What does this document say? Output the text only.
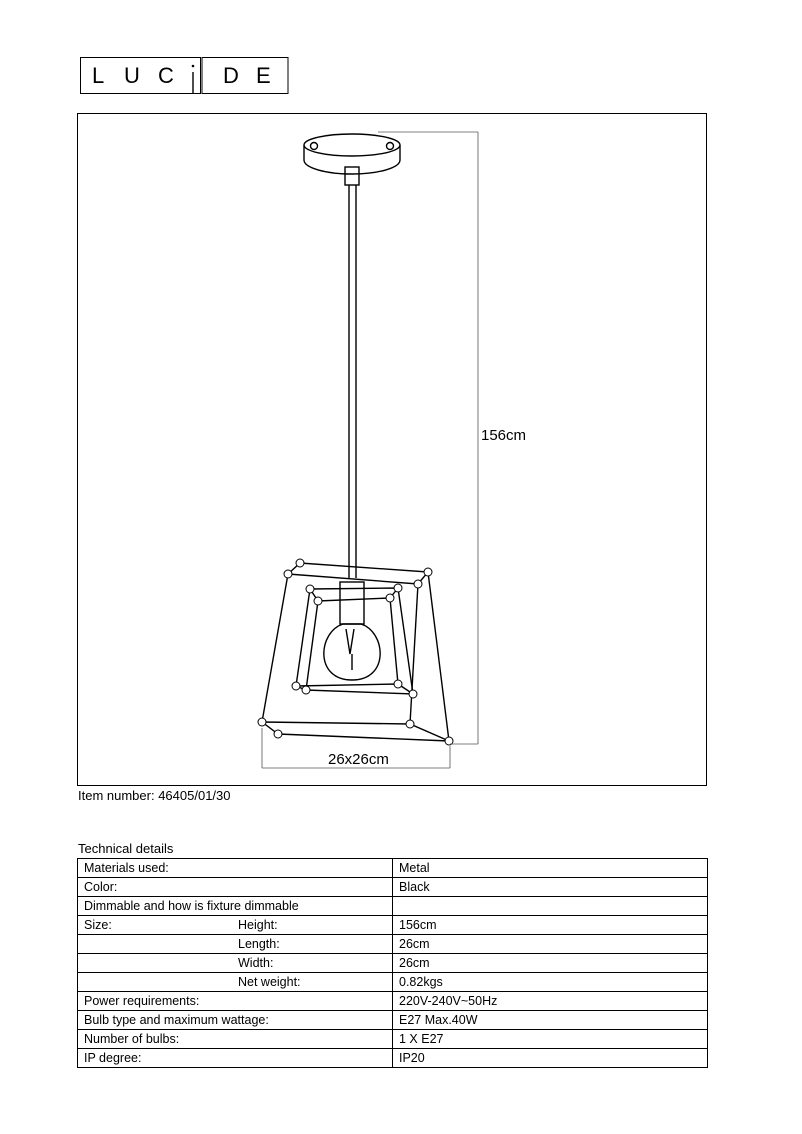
L U C D E
156cm
26x26cm
Item number: 46405/01/30
Technical details
Materials used:	Metal
Color:	Black
Dimmable and how is fixture dimmable

Size: Height:	156cm

Length:	26cm

Width:	26cm

Net weight:	0.82kgs
Power requirements:	220V-240V~50Hz
Bulb type and maximum wattage:	E27 Max.40W
Number of bulbs:	1 X E27
IP degree:	IP20
